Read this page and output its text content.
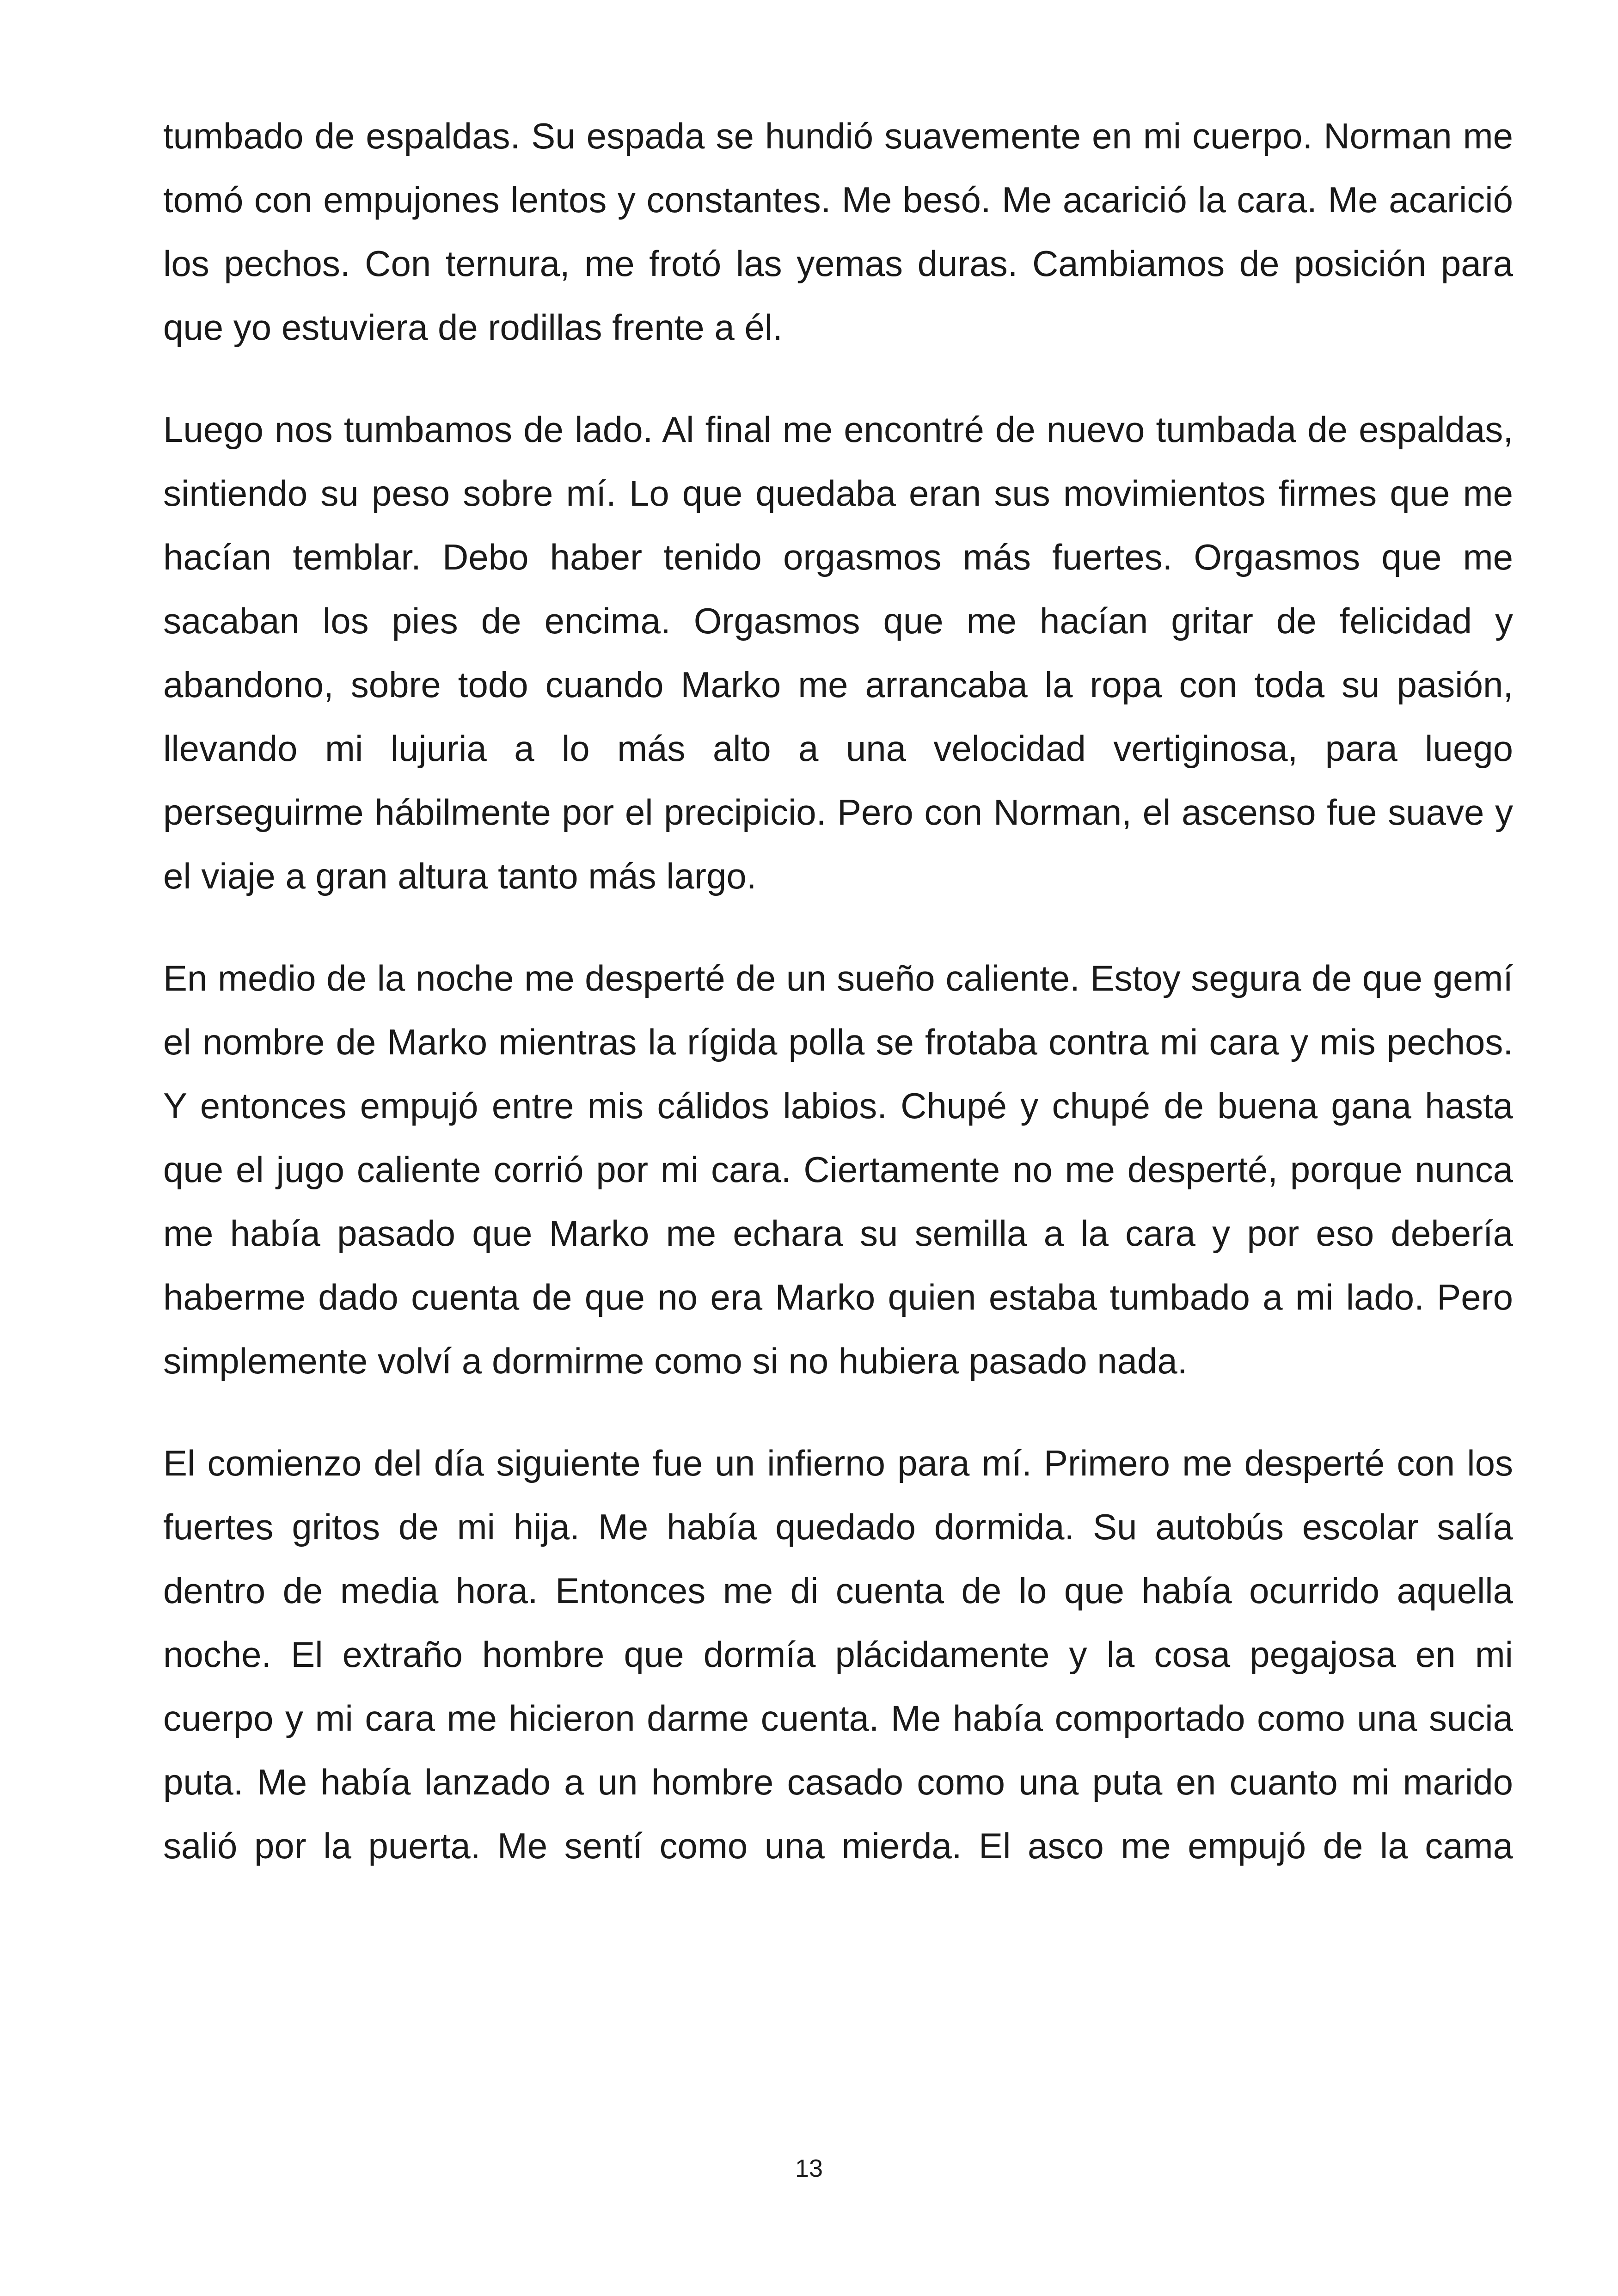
tumbado de espaldas. Su espada se hundió suavemente en mi cuerpo. Norman me tomó con empujones lentos y constantes. Me besó. Me acarició la cara. Me acarició los pechos. Con ternura, me frotó las yemas duras. Cambiamos de posición para que yo estuviera de rodillas frente a él.

Luego nos tumbamos de lado. Al final me encontré de nuevo tumbada de espaldas, sintiendo su peso sobre mí. Lo que quedaba eran sus movimientos firmes que me hacían temblar. Debo haber tenido orgasmos más fuertes. Orgasmos que me sacaban los pies de encima. Orgasmos que me hacían gritar de felicidad y abandono, sobre todo cuando Marko me arrancaba la ropa con toda su pasión, llevando mi lujuria a lo más alto a una velocidad vertiginosa, para luego perseguirme hábilmente por el precipicio. Pero con Norman, el ascenso fue suave y el viaje a gran altura tanto más largo.

En medio de la noche me desperté de un sueño caliente. Estoy segura de que gemí el nombre de Marko mientras la rígida polla se frotaba contra mi cara y mis pechos. Y entonces empujó entre mis cálidos labios. Chupé y chupé de buena gana hasta que el jugo caliente corrió por mi cara. Ciertamente no me desperté, porque nunca me había pasado que Marko me echara su semilla a la cara y por eso debería haberme dado cuenta de que no era Marko quien estaba tumbado a mi lado. Pero simplemente volví a dormirme como si no hubiera pasado nada.

El comienzo del día siguiente fue un infierno para mí. Primero me desperté con los fuertes gritos de mi hija. Me había quedado dormida. Su autobús escolar salía dentro de media hora. Entonces me di cuenta de lo que había ocurrido aquella noche. El extraño hombre que dormía plácidamente y la cosa pegajosa en mi cuerpo y mi cara me hicieron darme cuenta. Me había comportado como una sucia puta. Me había lanzado a un hombre casado como una puta en cuanto mi marido salió por la puerta. Me sentí como una mierda. El asco me empujó de la cama

13
